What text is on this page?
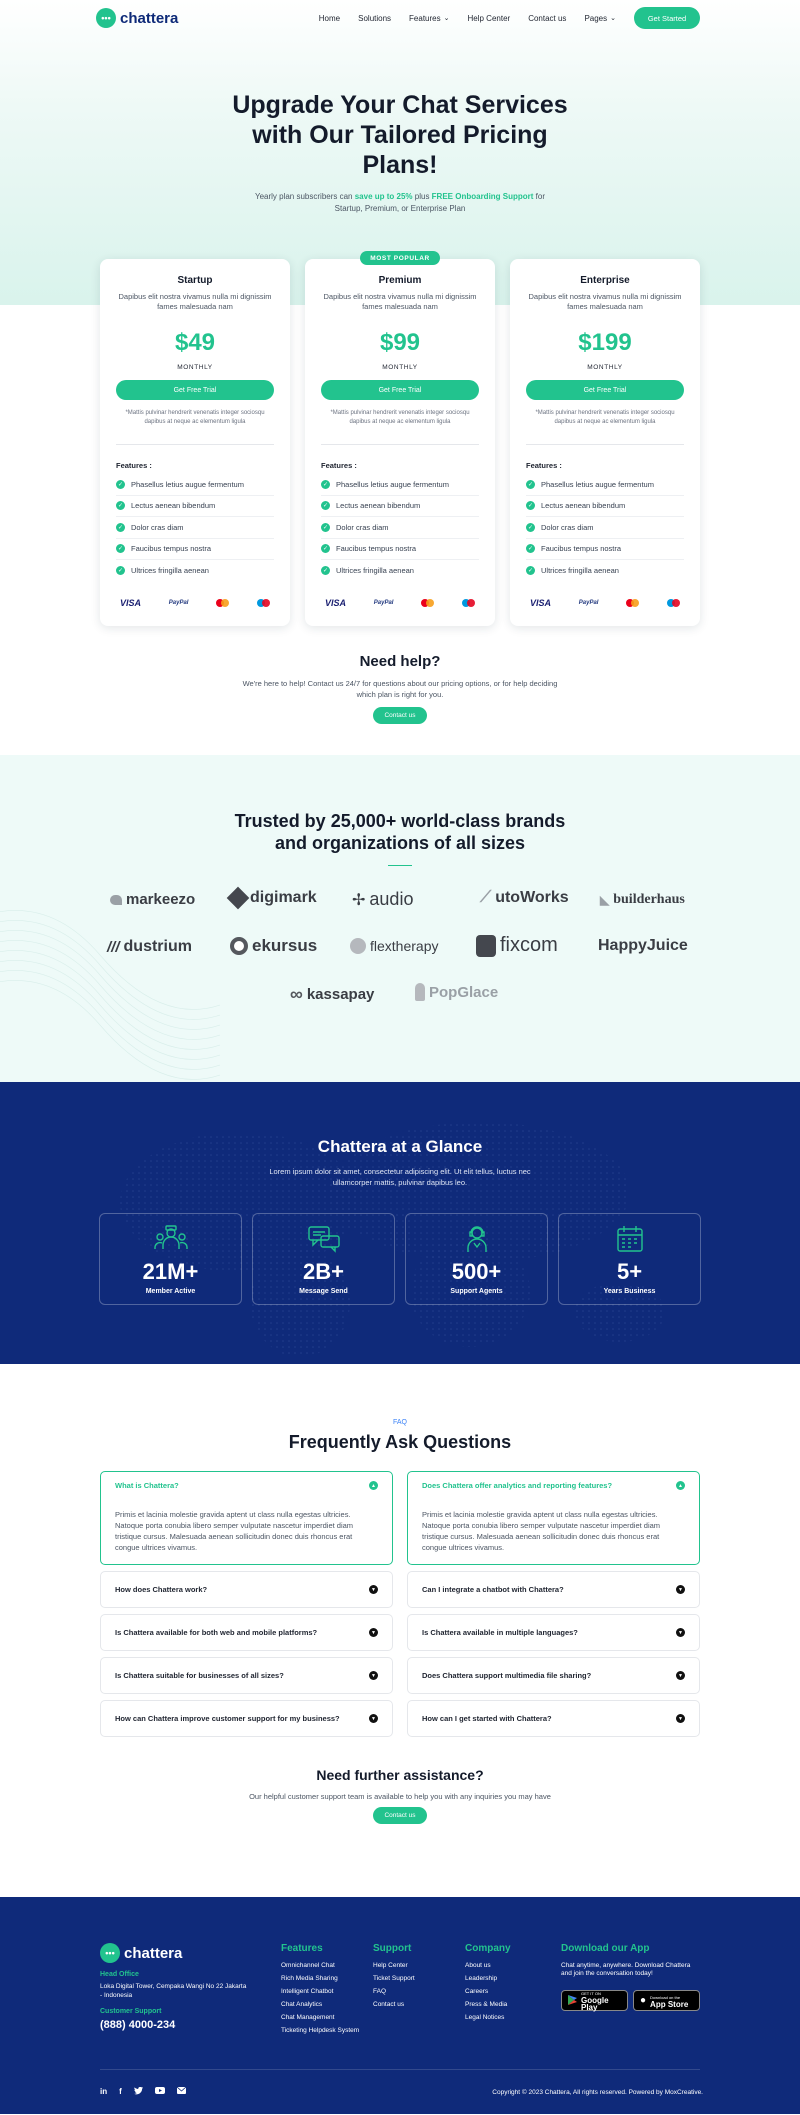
••• chattera	Home Solutions Features ⌄ Help Center Contact us Pages ⌄	Get Started
Upgrade Your Chat Services with Our Tailored Pricing Plans!

Yearly plan subscribers can save up to 25% plus FREE Onboarding Support for Startup, Premium, or Enterprise Plan

Startup

Dapibus elit nostra vivamus nulla mi dignissim fames malesuada nam

$49
MONTHLY
Get Free Trial

*Mattis pulvinar hendrerit venenatis integer sociosqu dapibus at neque ac elementum ligula

Features :
✓ Phasellus letius augue fermentum
✓ Lectus aenean bibendum
✓ Dolor cras diam
✓ Faucibus tempus nostra
✓ Ultrices fringilla aenean
VISA	PayPal
MOST POPULAR
Premium

Dapibus elit nostra vivamus nulla mi dignissim fames malesuada nam

$99
MONTHLY
Get Free Trial

*Mattis pulvinar hendrerit venenatis integer sociosqu dapibus at neque ac elementum ligula

Features :
✓ Phasellus letius augue fermentum
✓ Lectus aenean bibendum
✓ Dolor cras diam
✓ Faucibus tempus nostra
✓ Ultrices fringilla aenean
VISA	PayPal
Enterprise

Dapibus elit nostra vivamus nulla mi dignissim fames malesuada nam

$199
MONTHLY
Get Free Trial

*Mattis pulvinar hendrerit venenatis integer sociosqu dapibus at neque ac elementum ligula

Features :
✓ Phasellus letius augue fermentum
✓ Lectus aenean bibendum
✓ Dolor cras diam
✓ Faucibus tempus nostra
✓ Ultrices fringilla aenean
VISA	PayPal
Need help?

We're here to help! Contact us 24/7 for questions about our pricing options, or for help deciding which plan is right for you.

Contact us
Trusted by 25,000+ world-class brands and organizations of all sizes
markeezo	digimark ✢ audio	⟋ utoWorks	◣ builderhaus
/// dustrium	ekursus	flextherapy	fixcom	HappyJuice
∞ kassapay	PopGlace
Chattera at a Glance

Lorem ipsum dolor sit amet, consectetur adipiscing elit. Ut elit tellus, luctus nec ullamcorper mattis, pulvinar dapibus leo.

21M+
Member Active
2B+
Message Send
500+
Support Agents
5+
Years Business
FAQ
Frequently Ask Questions
What is Chattera?	▲
Primis et lacinia molestie gravida aptent ut class nulla egestas ultricies. Natoque porta conubia libero semper vulputate nascetur imperdiet diam tristique cursus. Malesuada aenean sollicitudin donec duis rhoncus erat congue ultrices vivamus.
How does Chattera work?	▼
Is Chattera available for both web and mobile platforms?	▼
Is Chattera suitable for businesses of all sizes?	▼
How can Chattera improve customer support for my business?	▼
Does Chattera offer analytics and reporting features?	▲
Primis et lacinia molestie gravida aptent ut class nulla egestas ultricies. Natoque porta conubia libero semper vulputate nascetur imperdiet diam tristique cursus. Malesuada aenean sollicitudin donec duis rhoncus erat congue ultrices vivamus.
Can I integrate a chatbot with Chattera?	▼
Is Chattera available in multiple languages?	▼
Does Chattera support multimedia file sharing?	▼
How can I get started with Chattera?	▼
Need further assistance?

Our helpful customer support team is available to help you with any inquiries you may have

Contact us
••• chattera
Head Office
Loka Digital Tower, Cempaka Wangi No 22 Jakarta - Indonesia
Customer Support
(888) 4000-234
Features
Omnichannel Chat
Rich Media Sharing
Intelligent Chatbot
Chat Analytics
Chat Management
Ticketing Helpdesk System
Support
Help Center
Ticket Support
FAQ
Contact us
Company
About us
Leadership
Careers
Press & Media
Legal Notices
Download our App
Chat anytime, anywhere. Download Chattera and join the conversation today!
GET IT ON
Google Play
● Download on the
App Store
in f	Copyright © 2023 Chattera, All rights reserved. Powered by MoxCreative.
